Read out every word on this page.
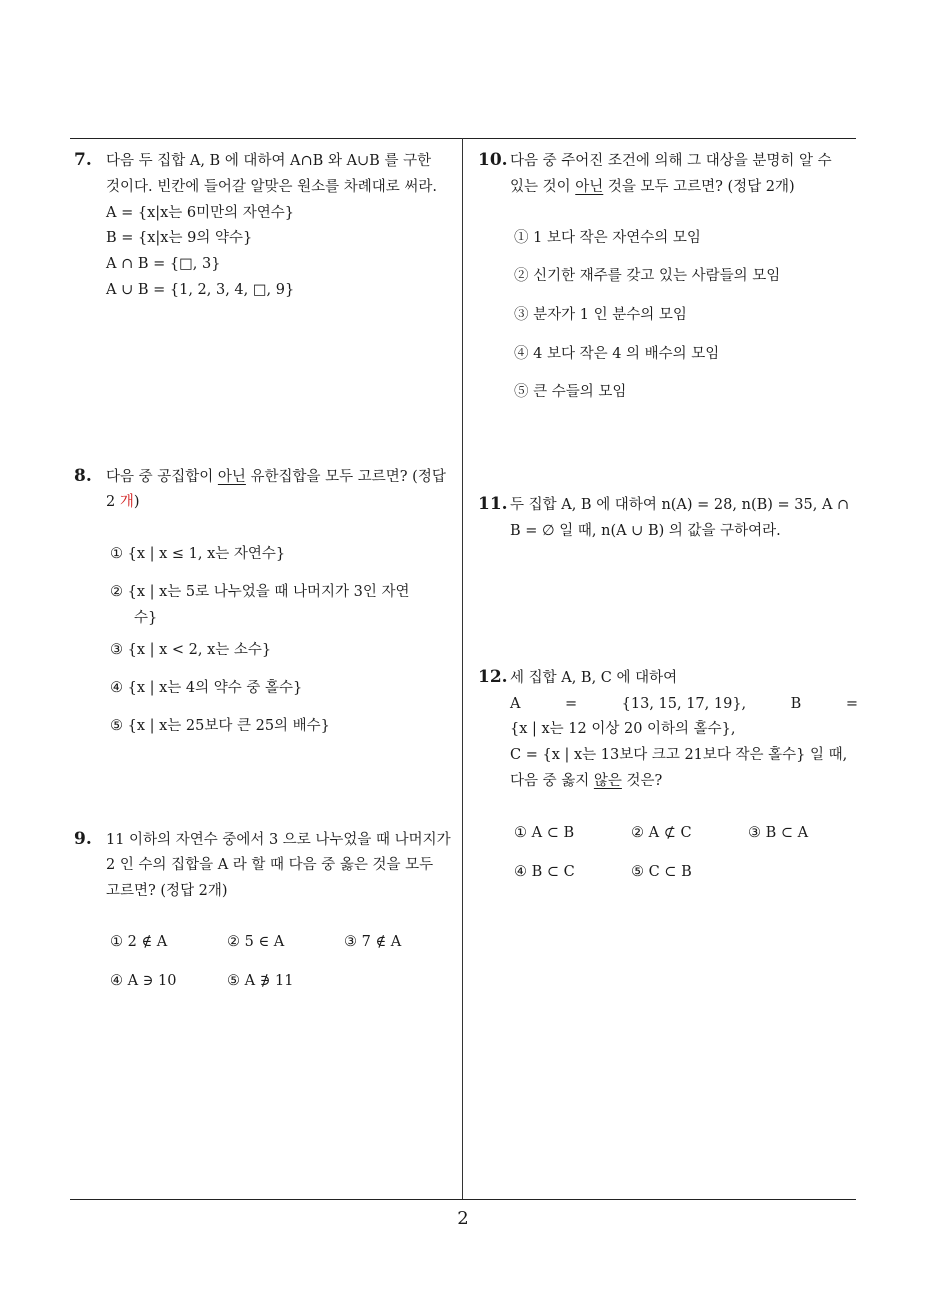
7. 다음 두 집합 A, B 에 대하여 A∩B 와 A∪B 를 구한
것이다. 빈칸에 들어갈 알맞은 원소를 차례대로 써라.
A = {x|x는 6미만의 자연수}
B = {x|x는 9의 약수}
A ∩ B = {□, 3}
A ∪ B = {1, 2, 3, 4, □, 9}
8. 다음 중 공집합이 아닌 유한집합을 모두 고르면? (정답
2 개)
① {x | x ≤ 1, x는 자연수}
② {x | x는 5로 나누었을 때 나머지가 3인 자연
수}
③ {x | x < 2, x는 소수}
④ {x | x는 4의 약수 중 홀수}
⑤ {x | x는 25보다 큰 25의 배수}
9. 11 이하의 자연수 중에서 3 으로 나누었을 때 나머지가
2 인 수의 집합을 A 라 할 때 다음 중 옳은 것을 모두
고르면? (정답 2개)
① 2 ∉ A	② 5 ∈ A	③ 7 ∉ A
④ A ∋ 10	⑤ A ∌ 11
10. 다음 중 주어진 조건에 의해 그 대상을 분명히 알 수
있는 것이 아닌 것을 모두 고르면? (정답 2개)
① 1 보다 작은 자연수의 모임
② 신기한 재주를 갖고 있는 사람들의 모임
③ 분자가 1 인 분수의 모임
④ 4 보다 작은 4 의 배수의 모임
⑤ 큰 수들의 모임
11. 두 집합 A, B 에 대하여 n(A) = 28, n(B) = 35, A ∩
B = ∅ 일 때, n(A ∪ B) 의 값을 구하여라.
12. 세 집합 A, B, C 에 대하여
A	=	{13, 15, 17, 19},	B	=
{x | x는 12 이상 20 이하의 홀수},
C = {x | x는 13보다 크고 21보다 작은 홀수} 일 때,
다음 중 옳지 않은 것은?
① A ⊂ B	② A ⊄ C	③ B ⊂ A
④ B ⊂ C	⑤ C ⊂ B
2
